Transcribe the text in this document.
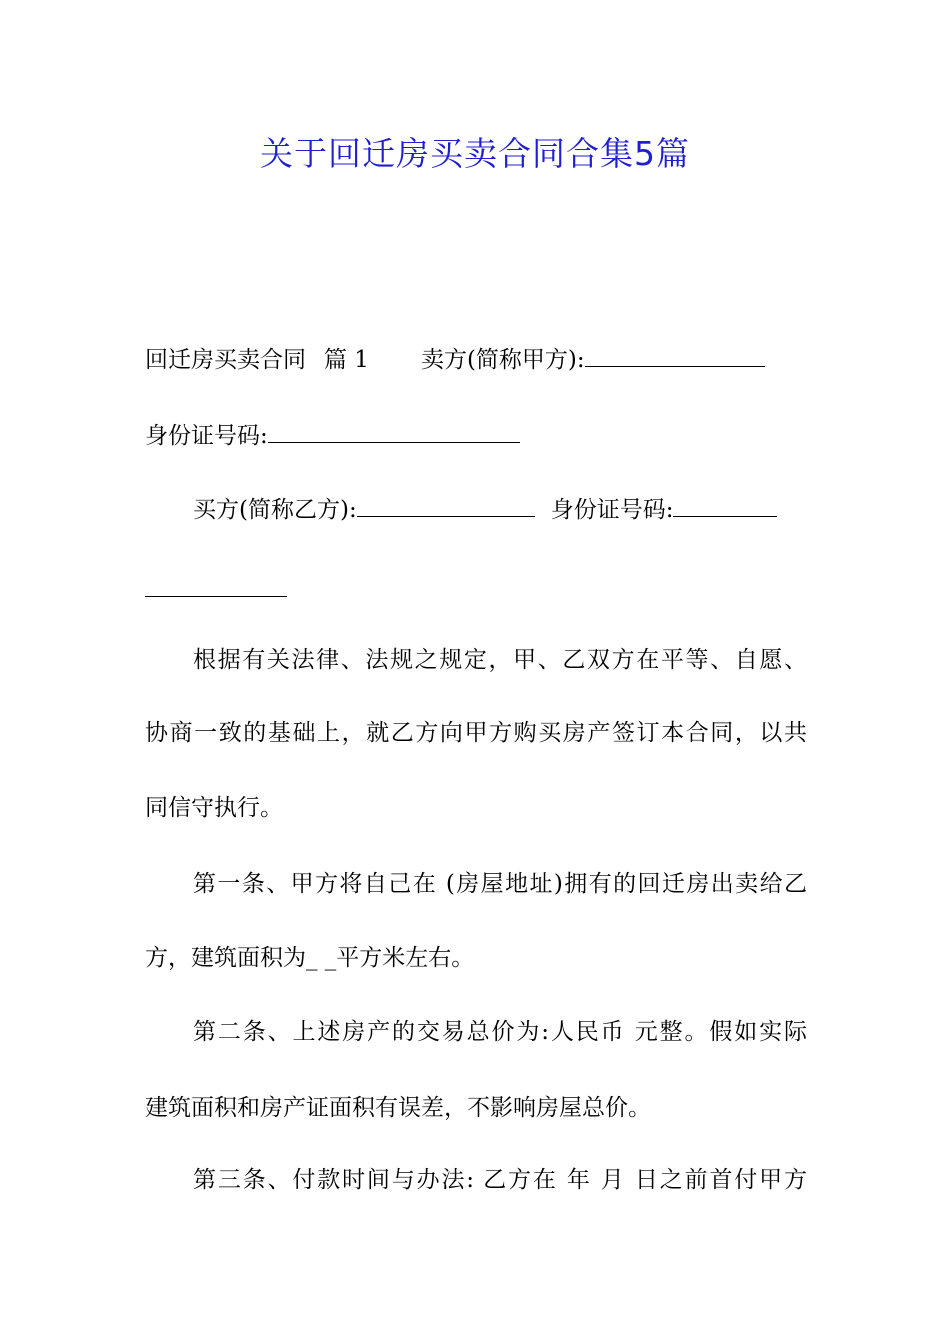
关于回迁房买卖合同合集5篇
回迁房买卖合同 篇 1 卖方(简称甲方):
身份证号码:
买方(简称乙方):	身份证号码:
根据有关法律、法规之规定，甲、乙双方在平等、自愿、
协商一致的基础上，就乙方向甲方购买房产签订本合同，以共
同信守执行。
第一条、甲方将自己在 (房屋地址)拥有的回迁房出卖给乙
方，建筑面积为_ _平方米左右。
第二条、上述房产的交易总价为:人民币 元整。假如实际
建筑面积和房产证面积有误差，不影响房屋总价。
第三条、付款时间与办法: 乙方在 年 月 日之前首付甲方
